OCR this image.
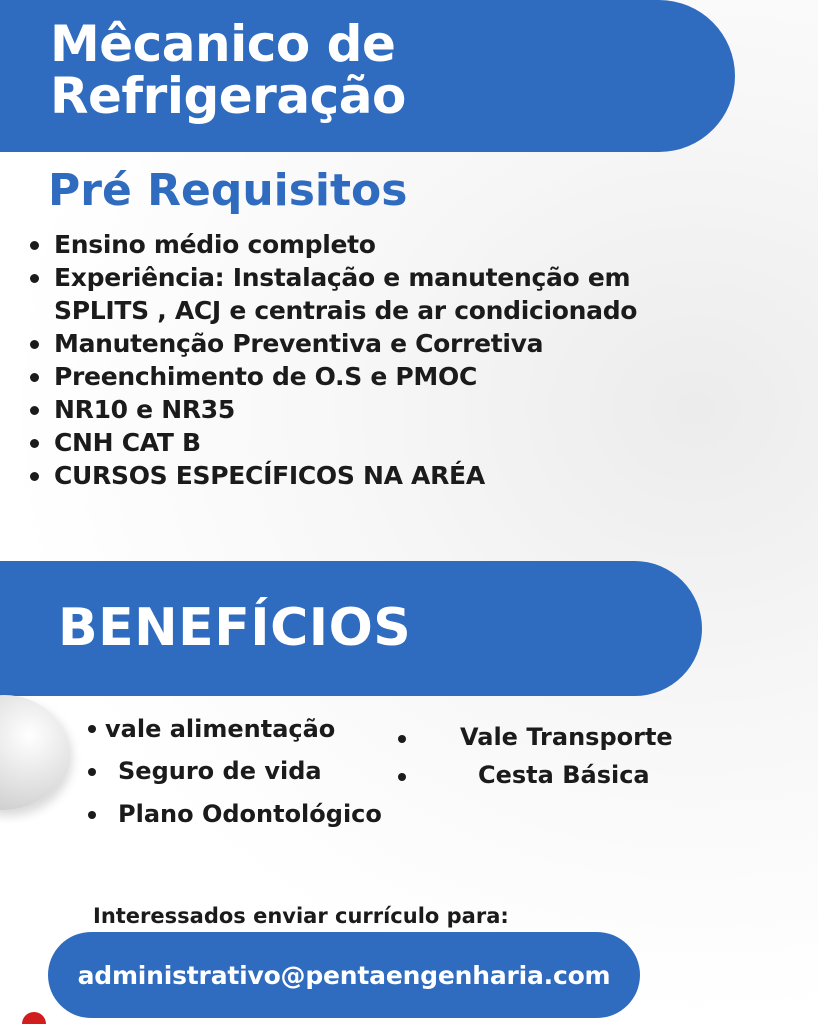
Mêcanico de
Refrigeração
Pré Requisitos
Ensino médio completo
Experiência: Instalação e manutenção em SPLITS , ACJ e centrais de ar condicionado
Manutenção Preventiva e Corretiva
Preenchimento de O.S e PMOC
NR10 e NR35
CNH CAT B
CURSOS ESPECÍFICOS NA ARÉA
BENEFÍCIOS
vale alimentação
Seguro de vida
Plano Odontológico
Vale Transporte
Cesta Básica
Interessados enviar currículo para:
administrativo@pentaengenharia.com
